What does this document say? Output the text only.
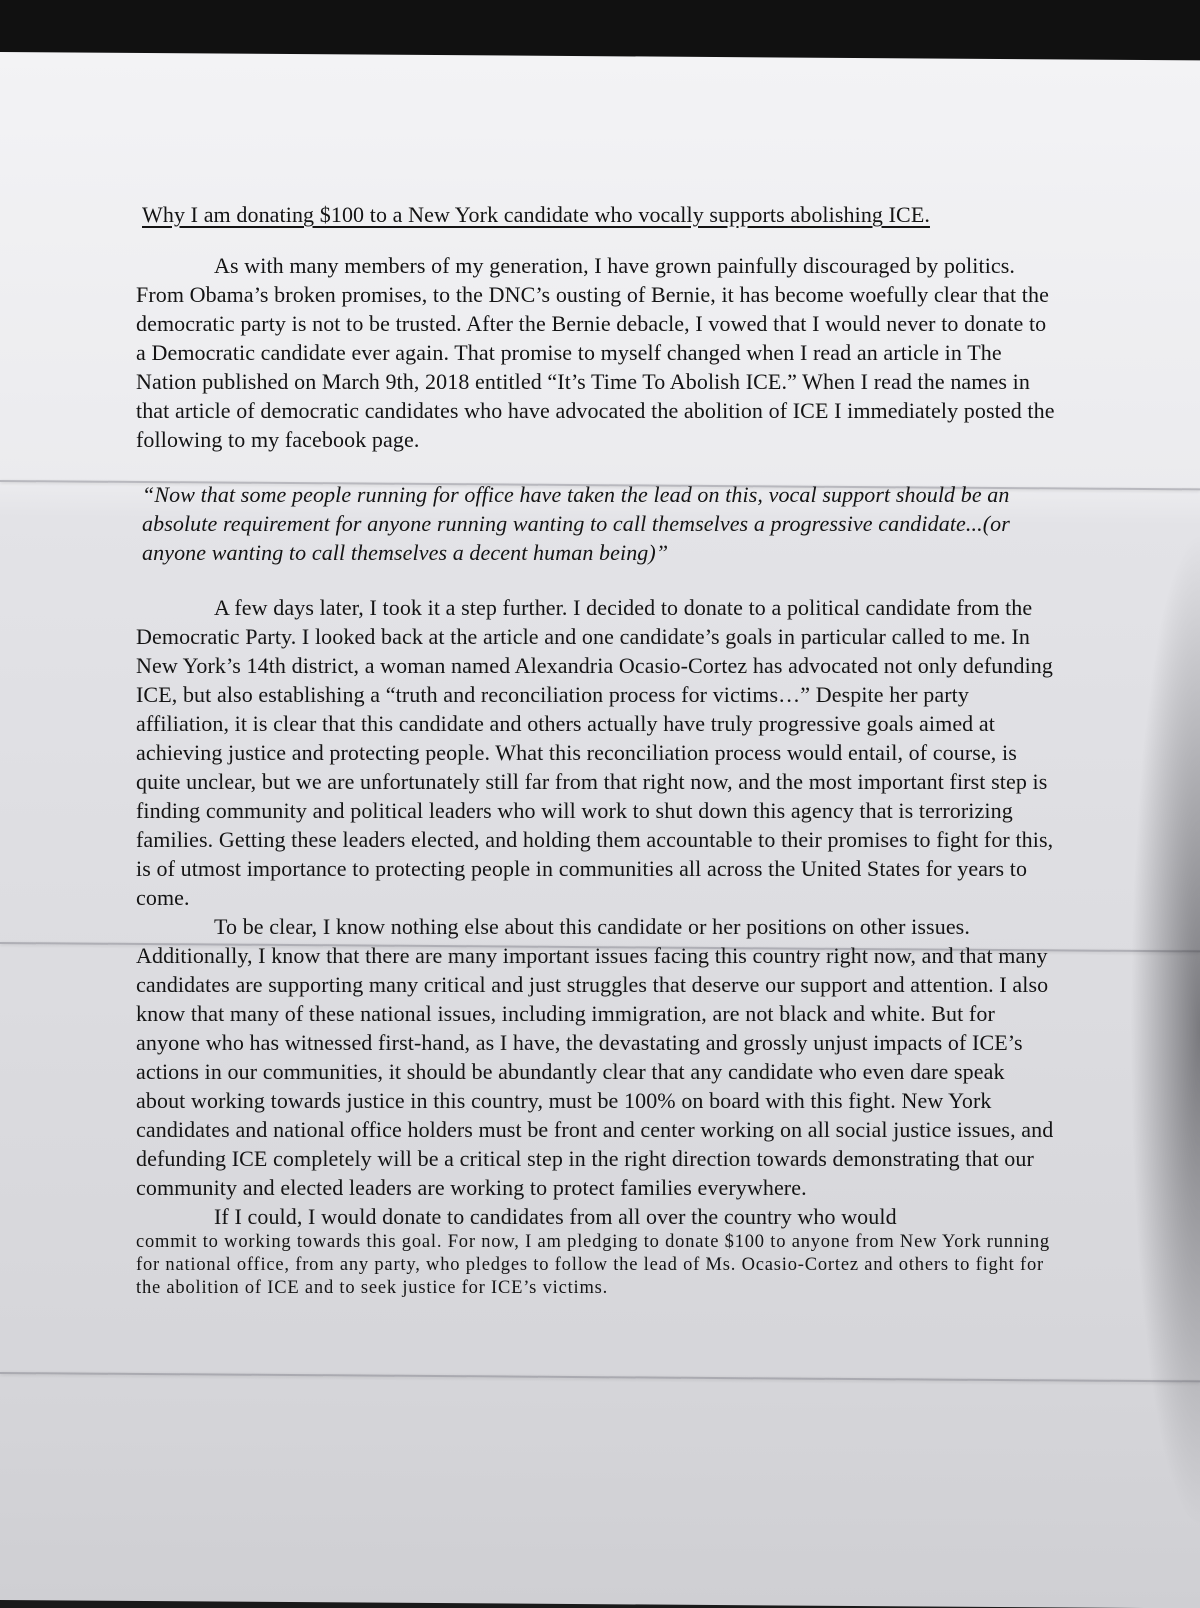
Why I am donating $100 to a New York candidate who vocally supports abolishing ICE.

As with many members of my generation, I have grown painfully discouraged by politics. From Obama’s broken promises, to the DNC’s ousting of Bernie, it has become woefully clear that the democratic party is not to be trusted. After the Bernie debacle, I vowed that I would never to donate to a Democratic candidate ever again. That promise to myself changed when I read an article in The Nation published on March 9th, 2018 entitled “It’s Time To Abolish ICE.” When I read the names in that article of democratic candidates who have advocated the abolition of ICE I immediately posted the following to my facebook page.

“Now that some people running for office have taken the lead on this, vocal support should be an absolute requirement for anyone running wanting to call themselves a progressive candidate...(or anyone wanting to call themselves a decent human being)”

A few days later, I took it a step further. I decided to donate to a political candidate from the Democratic Party. I looked back at the article and one candidate’s goals in particular called to me. In New York’s 14th district, a woman named Alexandria Ocasio-Cortez has advocated not only defunding ICE, but also establishing a “truth and reconciliation process for victims…” Despite her party affiliation, it is clear that this candidate and others actually have truly progressive goals aimed at achieving justice and protecting people. What this reconciliation process would entail, of course, is quite unclear, but we are unfortunately still far from that right now, and the most important first step is finding community and political leaders who will work to shut down this agency that is terrorizing families. Getting these leaders elected, and holding them accountable to their promises to fight for this, is of utmost importance to protecting people in communities all across the United States for years to come.

To be clear, I know nothing else about this candidate or her positions on other issues. Additionally, I know that there are many important issues facing this country right now, and that many candidates are supporting many critical and just struggles that deserve our support and attention. I also know that many of these national issues, including immigration, are not black and white. But for anyone who has witnessed first-hand, as I have, the devastating and grossly unjust impacts of ICE’s actions in our communities, it should be abundantly clear that any candidate who even dare speak about working towards justice in this country, must be 100% on board with this fight. New York candidates and national office holders must be front and center working on all social justice issues, and defunding ICE completely will be a critical step in the right direction towards demonstrating that our community and elected leaders are working to protect families everywhere.

If I could, I would donate to candidates from all over the country who would

commit to working towards this goal. For now, I am pledging to donate $100 to anyone from New York running for national office, from any party, who pledges to follow the lead of Ms. Ocasio-Cortez and others to fight for the abolition of ICE and to seek justice for ICE’s victims.
